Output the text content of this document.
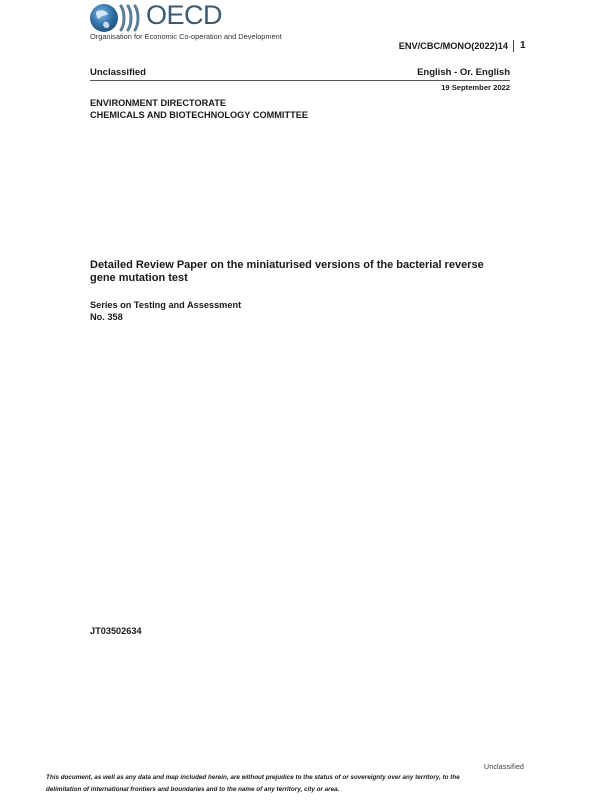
OECD
Organisation for Economic Co-operation and Development
ENV/CBC/MONO(2022)14 1
Unclassified	English - Or. English
19 September 2022
ENVIRONMENT DIRECTORATE
CHEMICALS AND BIOTECHNOLOGY COMMITTEE
Detailed Review Paper on the miniaturised versions of the bacterial reverse gene mutation test
Series on Testing and Assessment
No. 358
JT03502634
Unclassified
This document, as well as any data and map included herein, are without prejudice to the status of or sovereignty over any territory, to the
delimitation of international frontiers and boundaries and to the name of any territory, city or area.
